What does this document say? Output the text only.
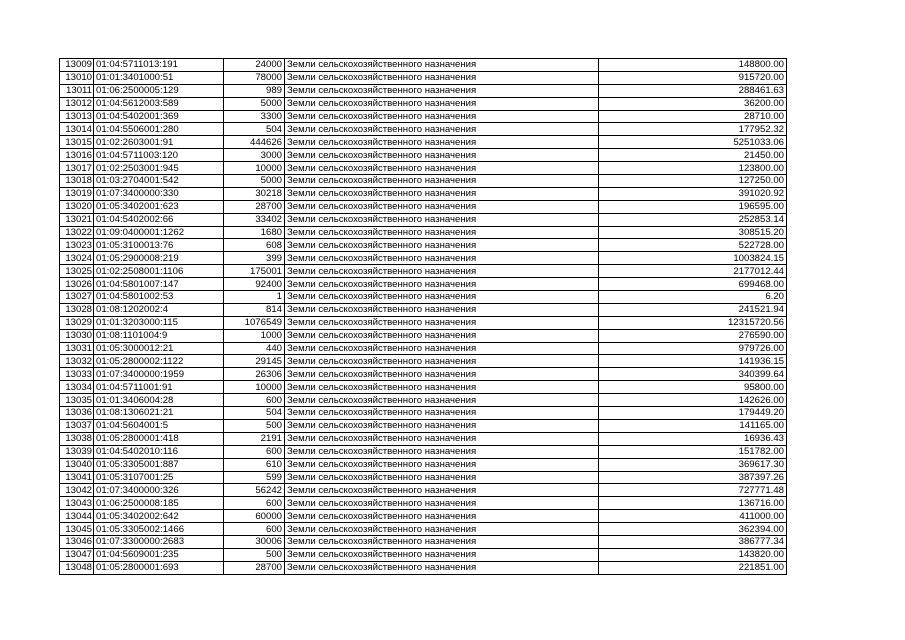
13009	01:04:5711013:191	24000	Земли сельскохозяйственного назначения	148800.00
13010	01:01:3401000:51	78000	Земли сельскохозяйственного назначения	915720.00
13011	01:06:2500005:129	989	Земли сельскохозяйственного назначения	288461.63
13012	01:04:5612003:589	5000	Земли сельскохозяйственного назначения	36200.00
13013	01:04:5402001:369	3300	Земли сельскохозяйственного назначения	28710.00
13014	01:04:5506001:280	504	Земли сельскохозяйственного назначения	177952.32
13015	01:02:2603001:91	444626	Земли сельскохозяйственного назначения	5251033.06
13016	01:04:5711003:120	3000	Земли сельскохозяйственного назначения	21450.00
13017	01:02:2503001:945	10000	Земли сельскохозяйственного назначения	123800.00
13018	01:03:2704001:542	5000	Земли сельскохозяйственного назначения	127250.00
13019	01:07:3400000:330	30218	Земли сельскохозяйственного назначения	391020.92
13020	01:05:3402001:623	28700	Земли сельскохозяйственного назначения	196595.00
13021	01:04:5402002:66	33402	Земли сельскохозяйственного назначения	252853.14
13022	01:09:0400001:1262	1680	Земли сельскохозяйственного назначения	308515.20
13023	01:05:3100013:76	608	Земли сельскохозяйственного назначения	522728.00
13024	01:05:2900008:219	399	Земли сельскохозяйственного назначения	1003824.15
13025	01:02:2508001:1106	175001	Земли сельскохозяйственного назначения	2177012.44
13026	01:04:5801007:147	92400	Земли сельскохозяйственного назначения	699468.00
13027	01:04:5801002:53	1	Земли сельскохозяйственного назначения	6.20
13028	01:08:1202002:4	814	Земли сельскохозяйственного назначения	241521.94
13029	01:01:3203000:115	1076549	Земли сельскохозяйственного назначения	12315720.56
13030	01:08:1101004:9	1000	Земли сельскохозяйственного назначения	276590.00
13031	01:05:3000012:21	440	Земли сельскохозяйственного назначения	979726.00
13032	01:05:2800002:1122	29145	Земли сельскохозяйственного назначения	141936.15
13033	01:07:3400000:1959	26306	Земли сельскохозяйственного назначения	340399.64
13034	01:04:5711001:91	10000	Земли сельскохозяйственного назначения	95800.00
13035	01:01:3406004:28	600	Земли сельскохозяйственного назначения	142626.00
13036	01:08:1306021:21	504	Земли сельскохозяйственного назначения	179449.20
13037	01:04:5604001:5	500	Земли сельскохозяйственного назначения	141165.00
13038	01:05:2800001:418	2191	Земли сельскохозяйственного назначения	16936.43
13039	01:04:5402010:116	600	Земли сельскохозяйственного назначения	151782.00
13040	01:05:3305001:887	610	Земли сельскохозяйственного назначения	369617.30
13041	01:05:3107001:25	599	Земли сельскохозяйственного назначения	387397.26
13042	01:07:3400000:326	56242	Земли сельскохозяйственного назначения	727771.48
13043	01:06:2500008:185	600	Земли сельскохозяйственного назначения	136716.00
13044	01:05:3402002:642	60000	Земли сельскохозяйственного назначения	411000.00
13045	01:05:3305002:1466	600	Земли сельскохозяйственного назначения	362394.00
13046	01:07:3300000:2683	30006	Земли сельскохозяйственного назначения	386777.34
13047	01:04:5609001:235	500	Земли сельскохозяйственного назначения	143820.00
13048	01:05:2800001:693	28700	Земли сельскохозяйственного назначения	221851.00
